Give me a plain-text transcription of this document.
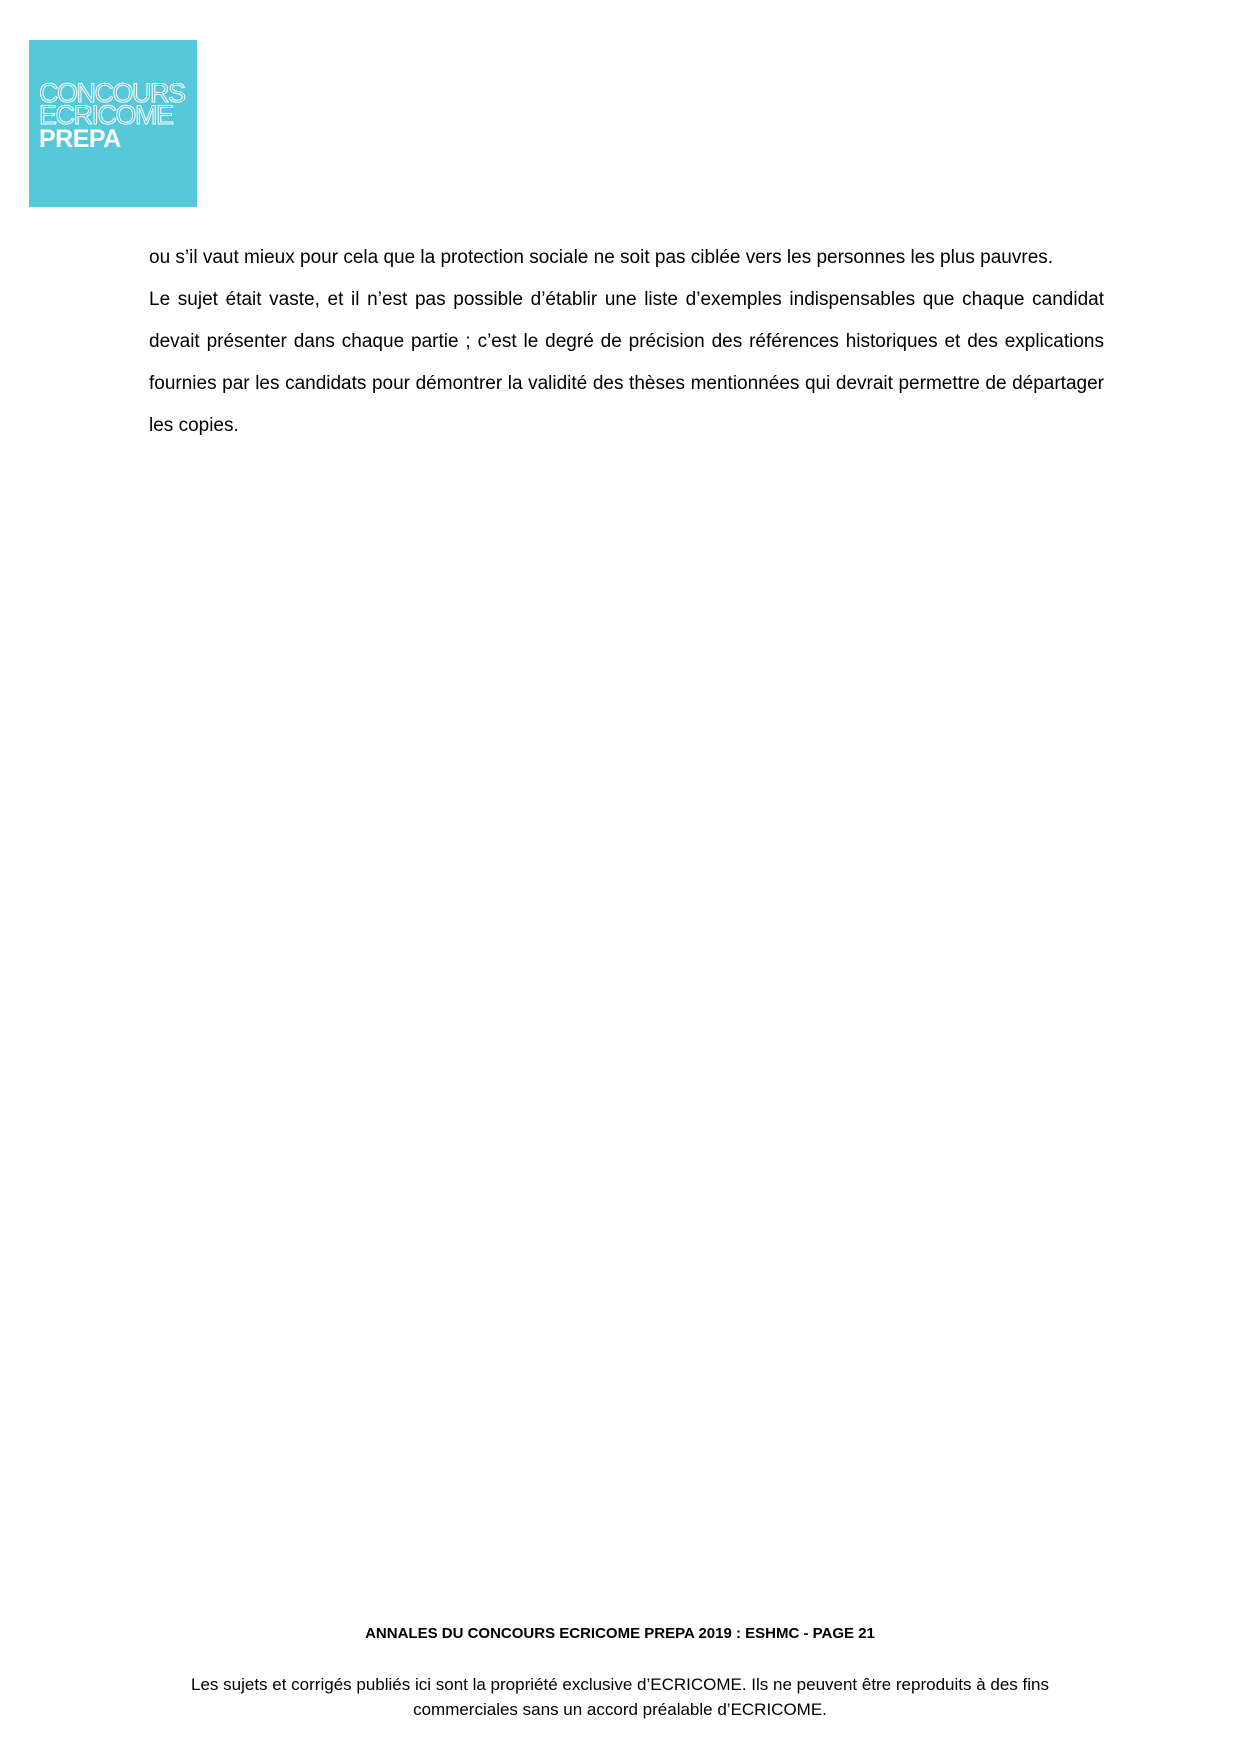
CONCOURS
ECRICOME
PREPA

ou s’il vaut mieux pour cela que la protection sociale ne soit pas ciblée vers les personnes les plus pauvres.

Le sujet était vaste, et il n’est pas possible d’établir une liste d’exemples indispensables que chaque candidat devait présenter dans chaque partie ; c’est le degré de précision des références historiques et des explications fournies par les candidats pour démontrer la validité des thèses mentionnées qui devrait permettre de départager les copies.

ANNALES DU CONCOURS ECRICOME PREPA 2019 : ESHMC - PAGE 21
Les sujets et corrigés publiés ici sont la propriété exclusive d’ECRICOME. Ils ne peuvent être reproduits à des fins commerciales sans un accord préalable d’ECRICOME.
